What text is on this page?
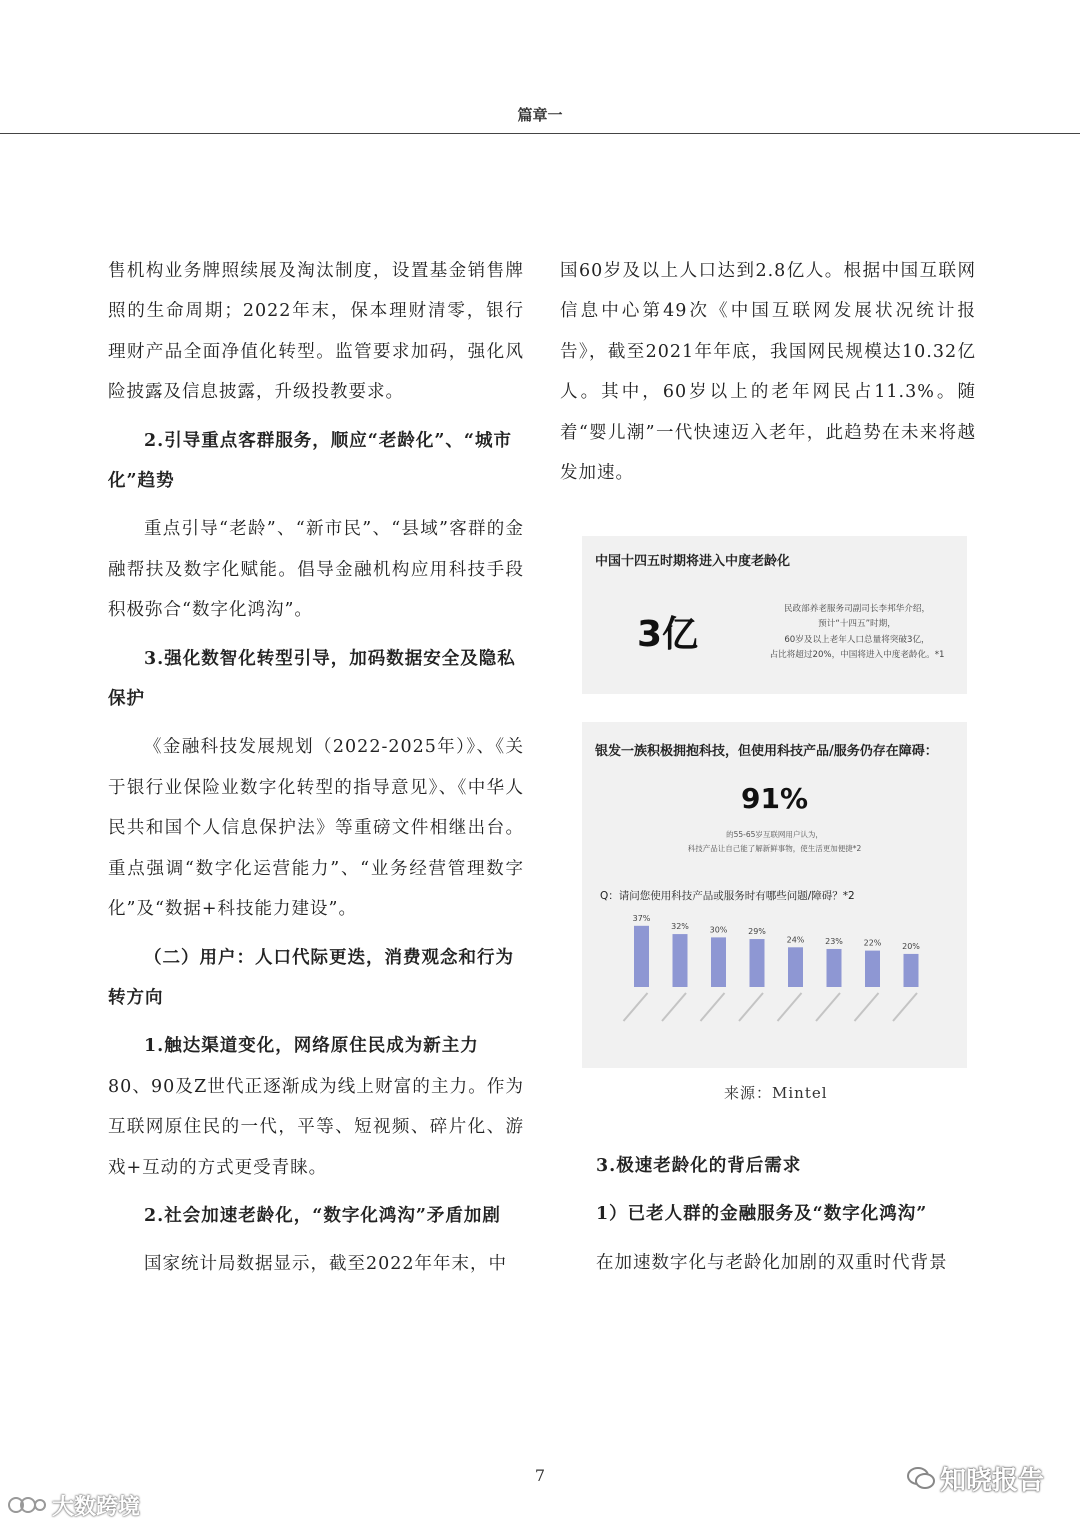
篇章一

售机构业务牌照续展及淘汰制度，设置基金销售牌照的生命周期；2022年末，保本理财清零，银行理财产品全面净值化转型。监管要求加码，强化风险披露及信息披露，升级投教要求。

2.引导重点客群服务，顺应“老龄化”、“城市化”趋势

重点引导“老龄”、“新市民”、“县域”客群的金融帮扶及数字化赋能。倡导金融机构应用科技手段积极弥合“数字化鸿沟”。

3.强化数智化转型引导，加码数据安全及隐私保护

《金融科技发展规划（2022-2025年）》、《关于银行业保险业数字化转型的指导意见》、《中华人民共和国个人信息保护法》等重磅文件相继出台。重点强调“数字化运营能力”、“业务经营管理数字化”及“数据+科技能力建设”。

（二）用户：人口代际更迭，消费观念和行为转方向

1.触达渠道变化，网络原住民成为新主力

80、90及Z世代正逐渐成为线上财富的主力。作为互联网原住民的一代，平等、短视频、碎片化、游戏+互动的方式更受青睐。

2.社会加速老龄化，“数字化鸿沟”矛盾加剧

国家统计局数据显示，截至2022年年末，中

国60岁及以上人口达到2.8亿人。根据中国互联网信息中心第49次《中国互联网发展状况统计报告》，截至2021年年底，我国网民规模达10.32亿人。其中，60岁以上的老年网民占11.3%。随着“婴儿潮”一代快速迈入老年，此趋势在未来将越发加速。

中国十四五时期将进入中度老龄化
3亿
民政部养老服务司副司长李邦华介绍，
预计“十四五”时期，
60岁及以上老年人口总量将突破3亿，
占比将超过20%，中国将进入中度老龄化。*1
银发一族积极拥抱科技，但使用科技产品/服务仍存在障碍：
91%
的55-65岁互联网用户认为，
科技产品让自己能了解新鲜事物，使生活更加便捷*2
Q：请问您使用科技产品或服务时有哪些问题/障碍？*2
37%
32%	30%	29%
24%	23%	22%	20%
来源：Mintel

3.极速老龄化的背后需求

1）已老人群的金融服务及“数字化鸿沟”

在加速数字化与老龄化加剧的双重时代背景

7
大数跨境
知晓报告
